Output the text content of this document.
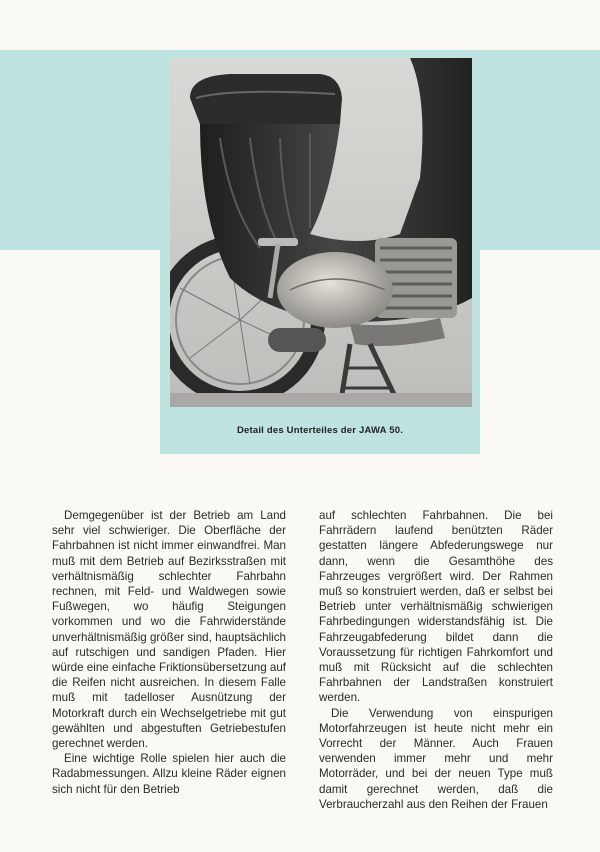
Detail des Unterteiles der JAWA 50.

Demgegenüber ist der Betrieb am Land sehr viel schwieriger. Die Oberfläche der Fahrbahnen ist nicht immer einwandfrei. Man muß mit dem Betrieb auf Bezirksstraßen mit verhältnismäßig schlechter Fahrbahn rechnen, mit Feld- und Waldwegen sowie Fußwegen, wo häufig Steigungen vorkommen und wo die Fahrwiderstände unverhältnismäßig größer sind, hauptsächlich auf rutschigen und sandigen Pfaden. Hier würde eine einfache Friktionsübersetzung auf die Reifen nicht ausreichen. In diesem Falle muß mit tadelloser Ausnützung der Motorkraft durch ein Wechselgetriebe mit gut gewählten und abgestuften Getriebestufen gerechnet werden.

Eine wichtige Rolle spielen hier auch die Radabmessungen. Allzu kleine Räder eignen sich nicht für den Betrieb

auf schlechten Fahrbahnen. Die bei Fahrrädern laufend benützten Räder gestatten längere Abfederungswege nur dann, wenn die Gesamthöhe des Fahrzeuges vergrößert wird. Der Rahmen muß so konstruiert werden, daß er selbst bei Betrieb unter verhältnismäßig schwierigen Fahrbedingungen widerstandsfähig ist. Die Fahrzeugabfederung bildet dann die Voraussetzung für richtigen Fahrkomfort und muß mit Rücksicht auf die schlechten Fahrbahnen der Landstraßen konstruiert werden.

Die Verwendung von einspurigen Motorfahrzeugen ist heute nicht mehr ein Vorrecht der Männer. Auch Frauen verwenden immer mehr und mehr Motorräder, und bei der neuen Type muß damit gerechnet werden, daß die Verbraucherzahl aus den Reihen der Frauen
